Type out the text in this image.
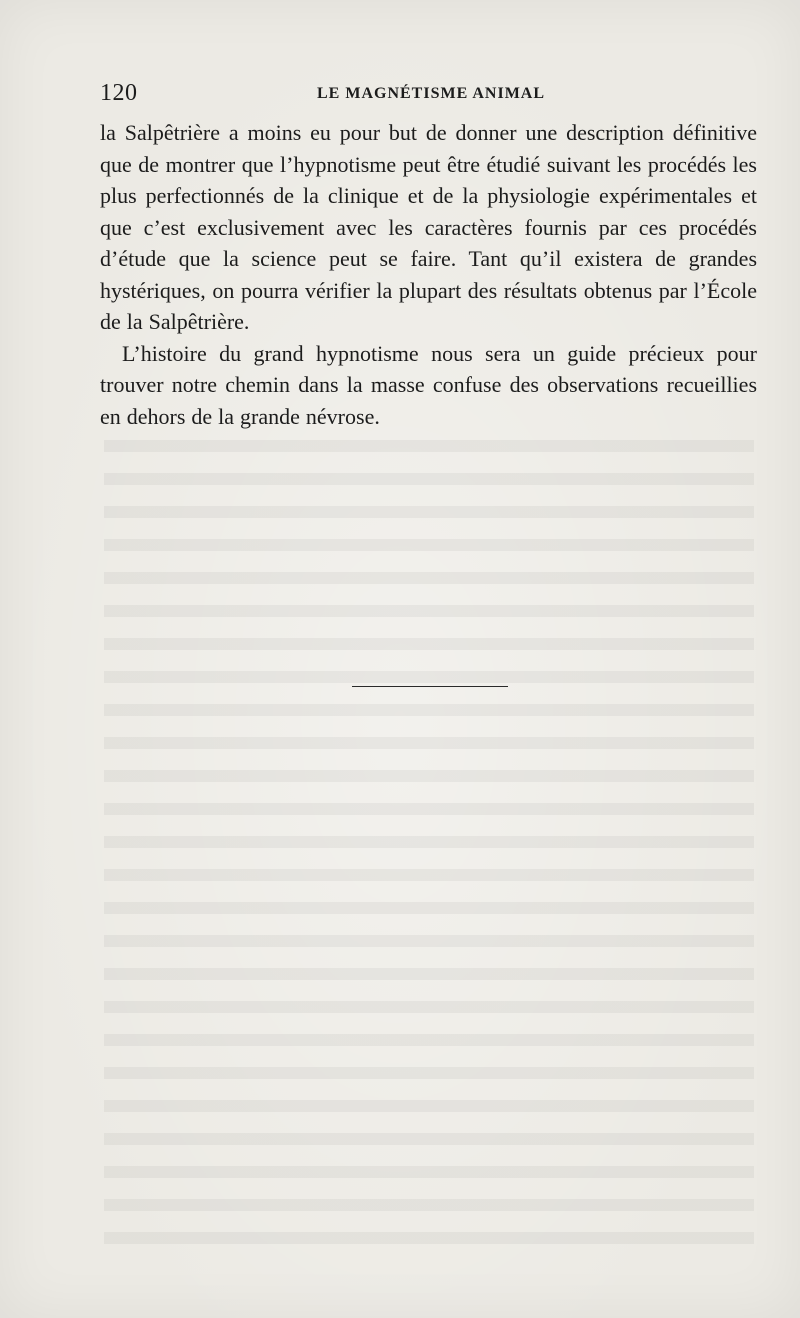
120	LE MAGNÉTISME ANIMAL

la Salpêtrière a moins eu pour but de donner une description définitive que de montrer que l’hypnotisme peut être étudié suivant les procédés les plus perfectionnés de la clinique et de la physiologie expérimentales et que c’est exclusivement avec les caractères fournis par ces procédés d’étude que la science peut se faire. Tant qu’il existera de grandes hystériques, on pourra vérifier la plupart des résultats obtenus par l’École de la Salpêtrière.

L’histoire du grand hypnotisme nous sera un guide précieux pour trouver notre chemin dans la masse confuse des observations recueillies en dehors de la grande névrose.
